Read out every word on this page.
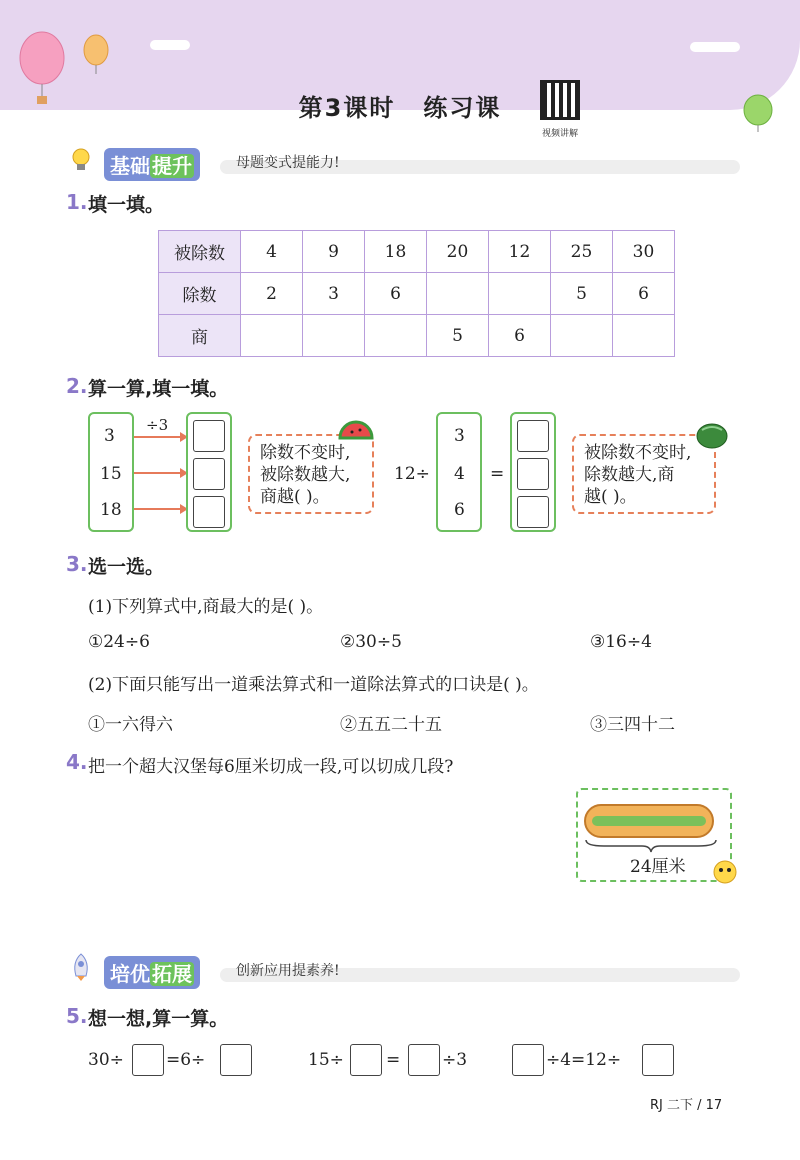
第3课时 练习课
视频讲解
基础 提升	母题变式提能力!
1. 填一填。
被除数	4	9	18	20	12	25	30
除数	2	3	6			5	6
商				5	6		
2. 算一算,填一填。
3
15
18
÷3
除数不变时,
被除数越大,
商越( )。
12÷
3
4
6
=
被除数不变时,
除数越大,商
越( )。
3. 选一选。
(1)下列算式中,商最大的是( )。
①24÷6	②30÷5	③16÷4
(2)下面只能写出一道乘法算式和一道除法算式的口诀是( )。
①一六得六	②五五二十五	③三四十二
4. 把一个超大汉堡每6厘米切成一段,可以切成几段?
24厘米
培优 拓展	创新应用提素养!
5. 想一想,算一算。
30÷ =6÷	15÷ = ÷3	÷4=12÷
RJ 二下 / 17
